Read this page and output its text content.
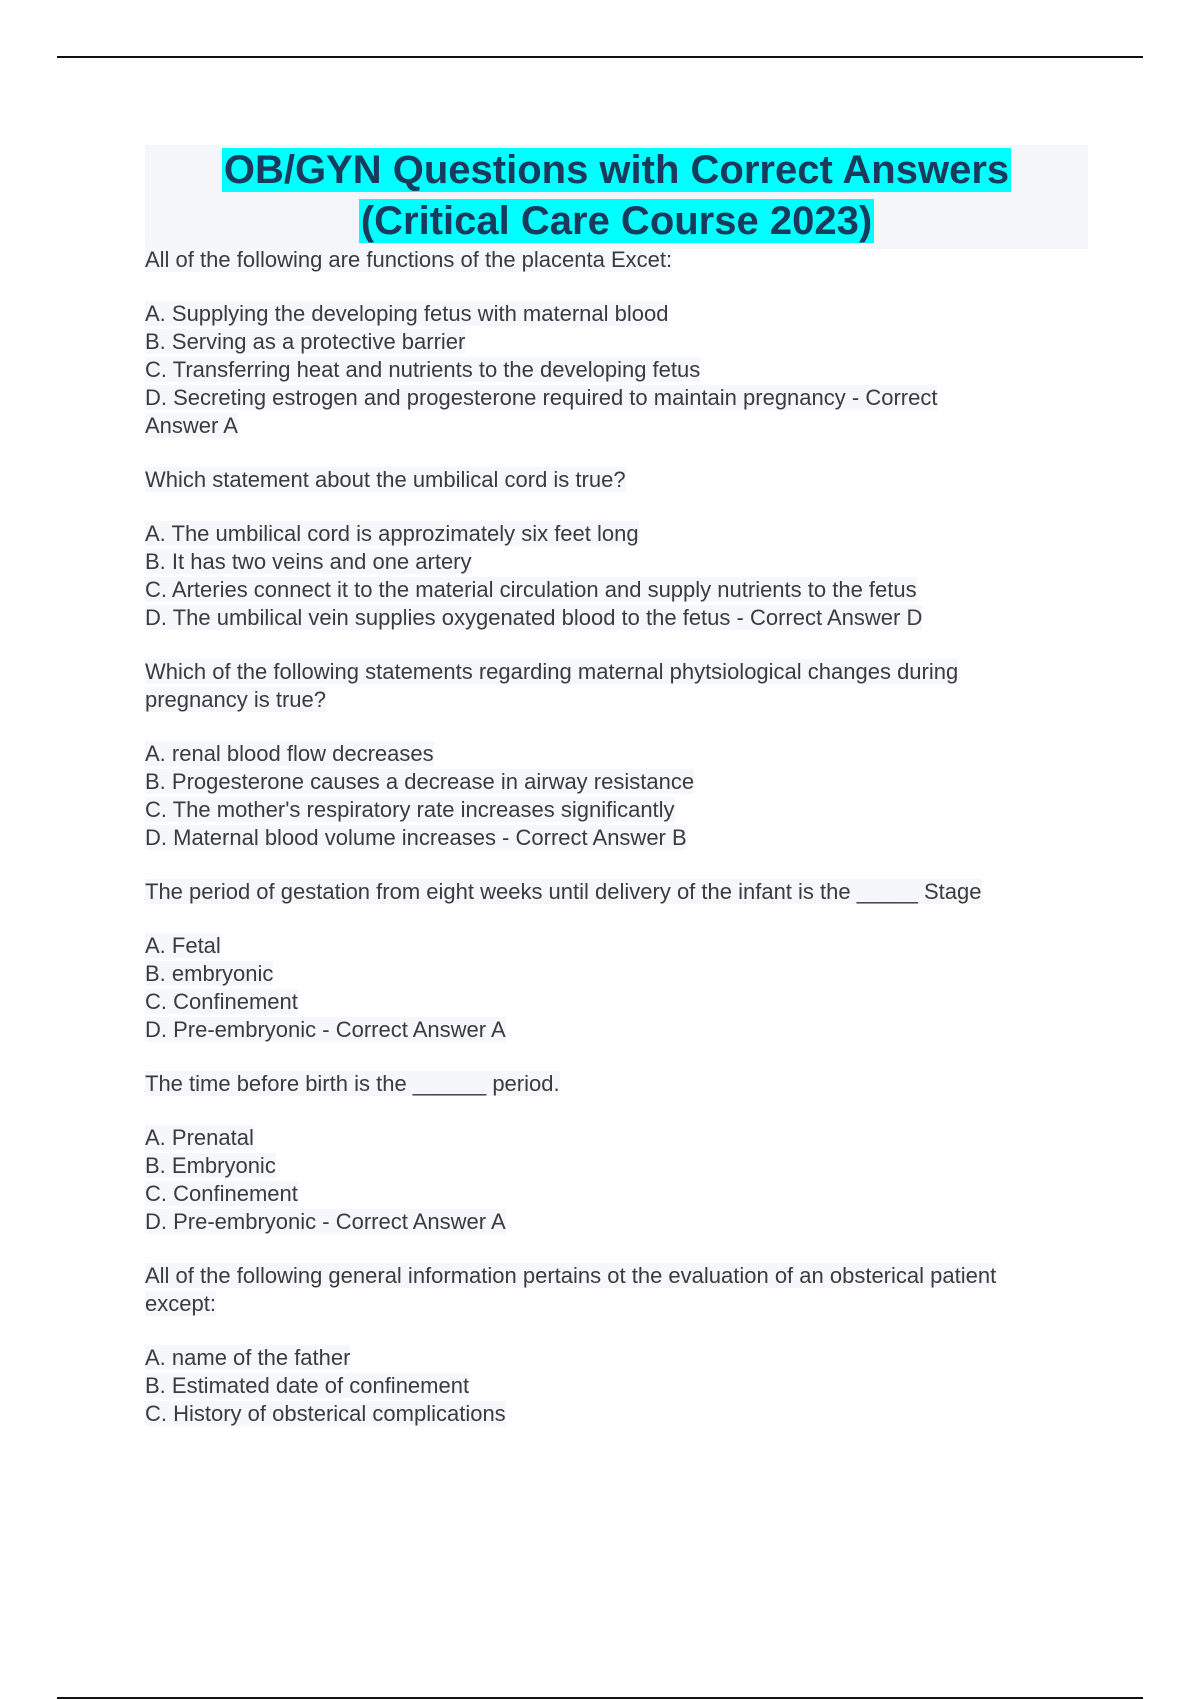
OB/GYN Questions with Correct Answers
(Critical Care Course 2023)
All of the following are functions of the placenta Excet:
A. Supplying the developing fetus with maternal blood
B. Serving as a protective barrier
C. Transferring heat and nutrients to the developing fetus
D. Secreting estrogen and progesterone required to maintain pregnancy - Correct
Answer A
Which statement about the umbilical cord is true?
A. The umbilical cord is approzimately six feet long
B. It has two veins and one artery
C. Arteries connect it to the material circulation and supply nutrients to the fetus
D. The umbilical vein supplies oxygenated blood to the fetus - Correct Answer D
Which of the following statements regarding maternal phytsiological changes during
pregnancy is true?
A. renal blood flow decreases
B. Progesterone causes a decrease in airway resistance
C. The mother's respiratory rate increases significantly
D. Maternal blood volume increases - Correct Answer B
The period of gestation from eight weeks until delivery of the infant is the _____ Stage
A. Fetal
B. embryonic
C. Confinement
D. Pre-embryonic - Correct Answer A
The time before birth is the ______ period.
A. Prenatal
B. Embryonic
C. Confinement
D. Pre-embryonic - Correct Answer A
All of the following general information pertains ot the evaluation of an obsterical patient
except:
A. name of the father
B. Estimated date of confinement
C. History of obsterical complications
